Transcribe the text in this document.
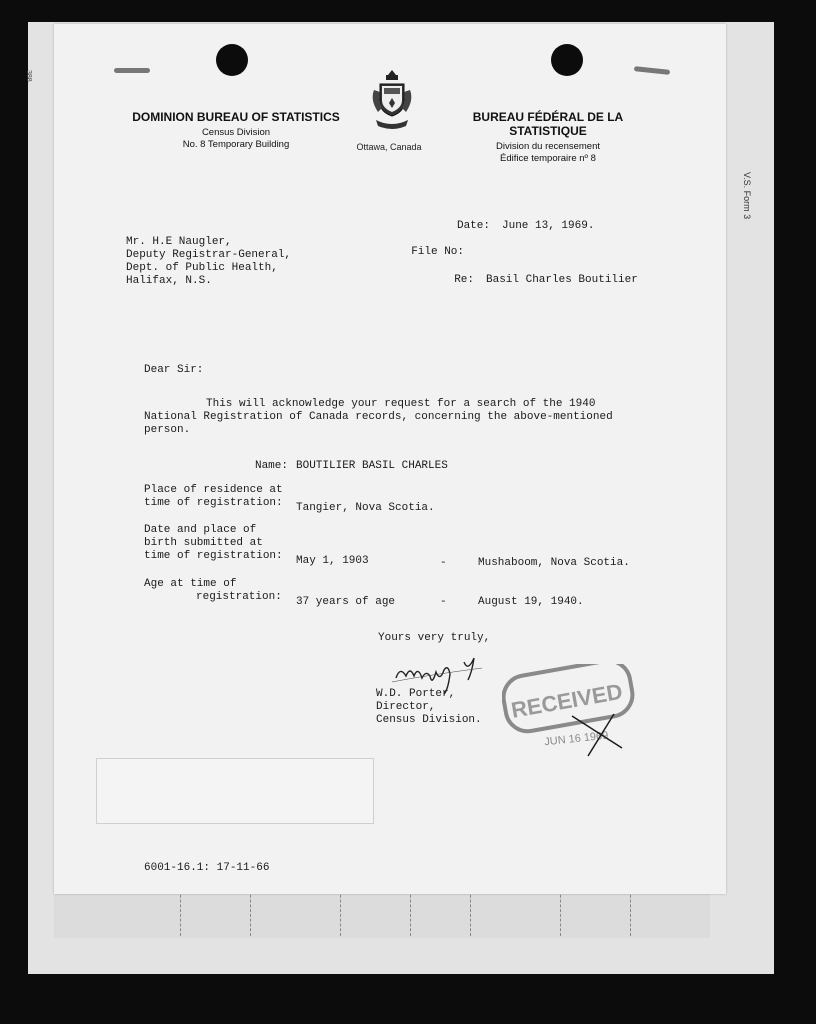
388
V.S. Form 3
DOMINION BUREAU OF STATISTICS
Census Division
No. 8 Temporary Building	Ottawa, Canada
BUREAU FÉDÉRAL DE LA STATISTIQUE
Division du recensement
Édifice temporaire nº 8
Mr. H.E Naugler,
Deputy Registrar-General,
Dept. of Public Health,
Halifax, N.S.
Date: June 13, 1969.
File No:
Re: Basil Charles Boutilier
Dear Sir:
This will acknowledge your request for a search of the 1940
National Registration of Canada records, concerning the above-mentioned
person.
Name: BOUTILIER BASIL CHARLES
Place of residence at
time of registration: Tangier, Nova Scotia.
Date and place of
birth submitted at
time of registration: May 1, 1903	-	Mushaboom, Nova Scotia.
Age at time of
registration: 37 years of age	-	August 19, 1940.
Yours very truly,
W.D. Porter,
Director,
Census Division. RECEIVED
JUN 16 1969
6001-16.1: 17-11-66
